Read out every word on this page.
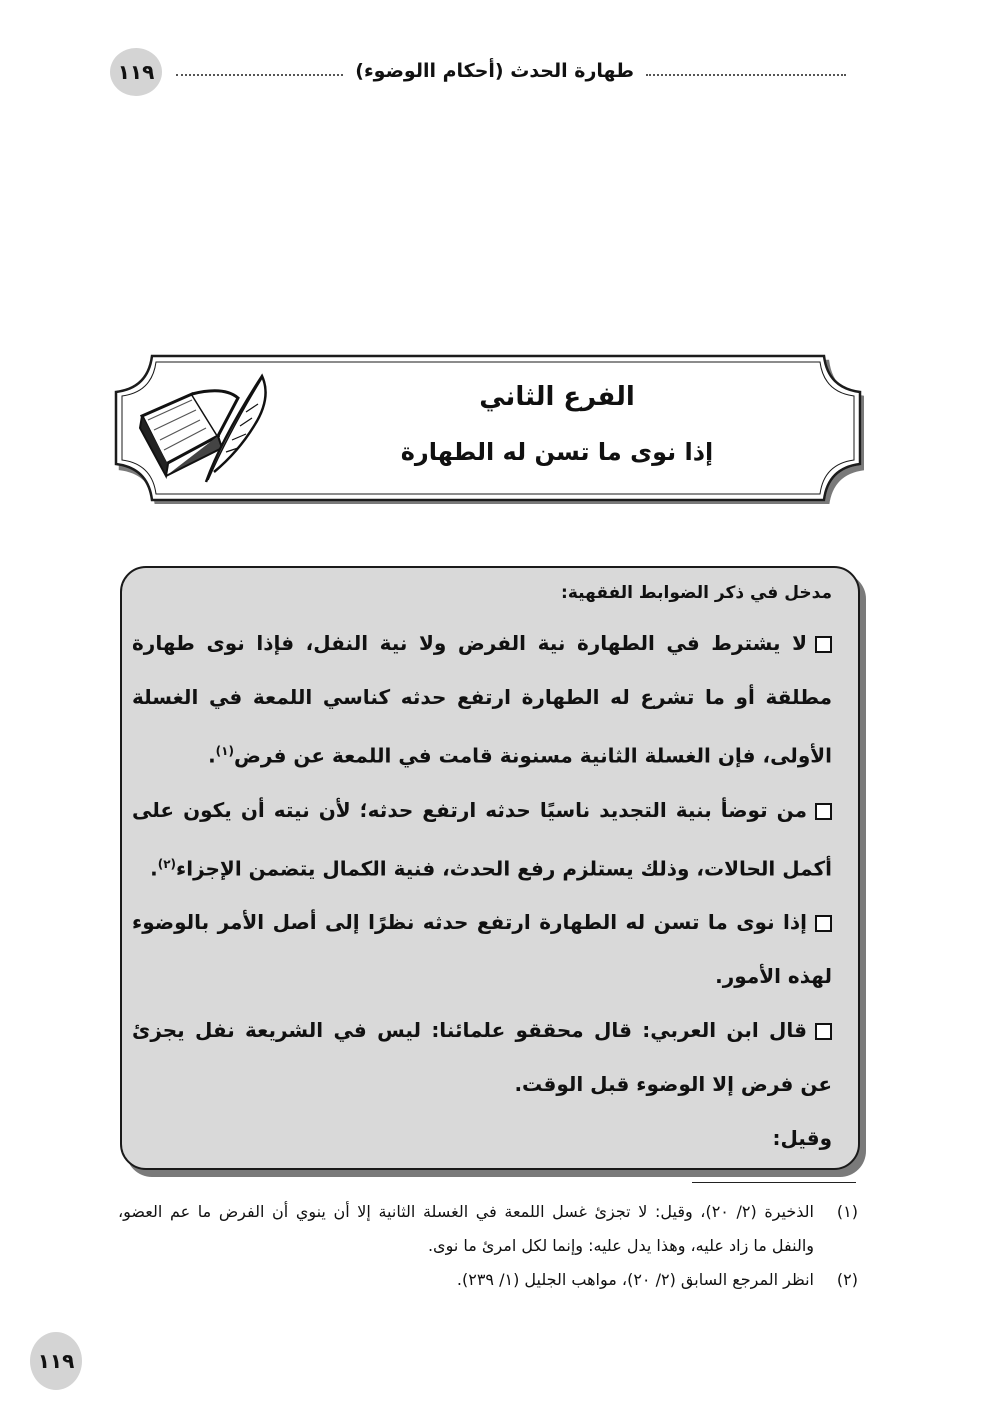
١١٩	طهارة الحدث (أحكام االوضوء)
الفرع الثاني
إذا نوى ما تسن له الطهارة
مدخل في ذكر الضوابط الفقهية:
لا يشترط في الطهارة نية الفرض ولا نية النفل، فإذا نوى طهارة مطلقة أو ما تشرع له الطهارة ارتفع حدثه كناسي اللمعة في الغسلة الأولى، فإن الغسلة الثانية مسنونة قامت في اللمعة عن فرض$^{(١)}$.
من توضأ بنية التجديد ناسيًا حدثه ارتفع حدثه؛ لأن نيته أن يكون على أكمل الحالات، وذلك يستلزم رفع الحدث، فنية الكمال يتضمن الإجزاء$^{(٢)}$.
إذا نوى ما تسن له الطهارة ارتفع حدثه نظرًا إلى أصل الأمر بالوضوء لهذه الأمور.
قال ابن العربي: قال محققو علمائنا: ليس في الشريعة نفل يجزئ عن فرض إلا الوضوء قبل الوقت.
وقيل:
(١)
الذخيرة (٢/ ٢٠)، وقيل: لا تجزئ غسل اللمعة في الغسلة الثانية إلا أن ينوي أن الفرض ما عم العضو، والنفل ما زاد عليه، وهذا يدل عليه: وإنما لكل امرئ ما نوى.
(٢)
انظر المرجع السابق (٢/ ٢٠)، مواهب الجليل (١/ ٢٣٩).
١١٩
